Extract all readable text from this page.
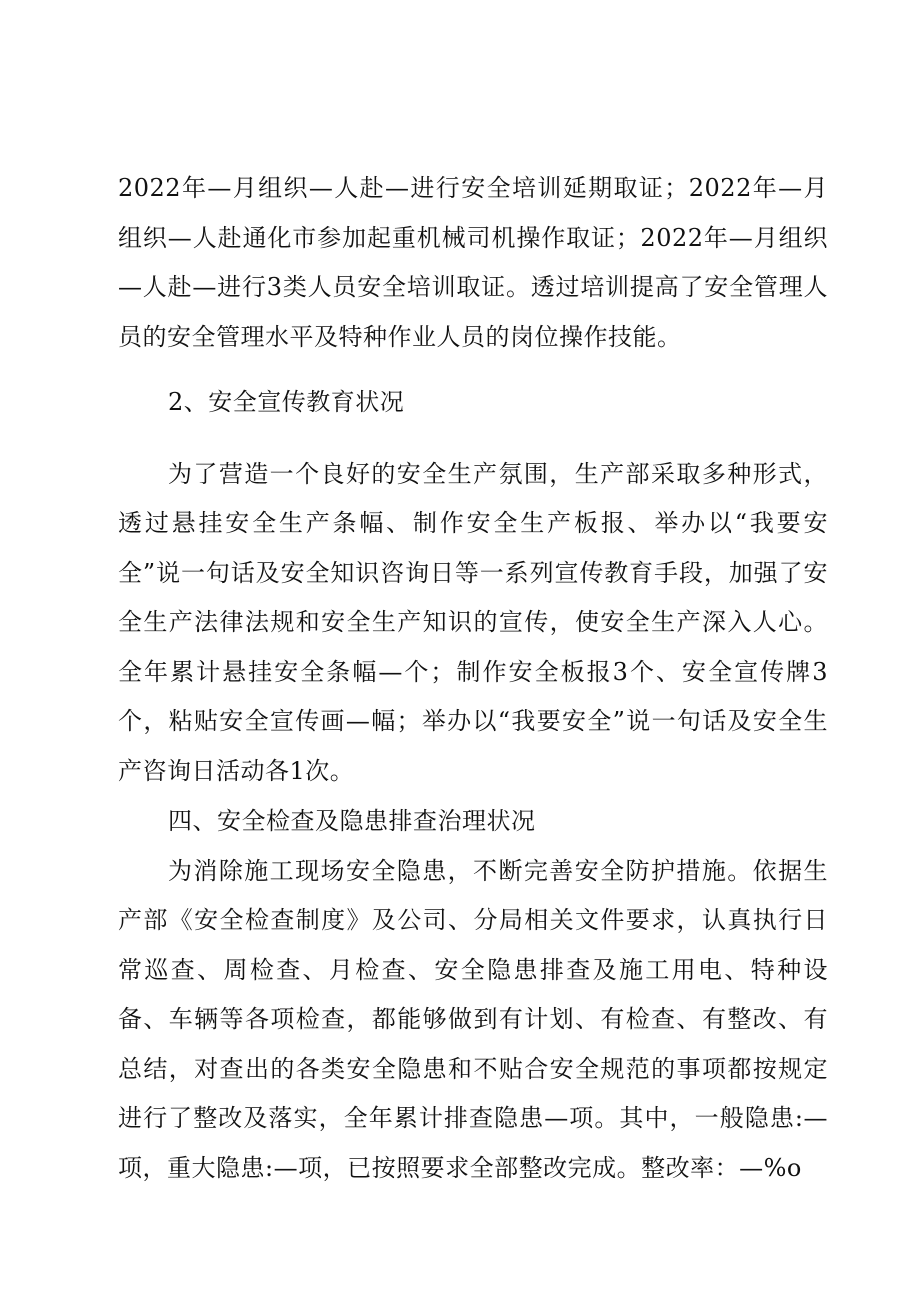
2022年—月组织—人赴—进行安全培训延期取证；2022年—月组织—人赴通化市参加起重机械司机操作取证；2022年—月组织—人赴—进行3类人员安全培训取证。透过培训提高了安全管理人员的安全管理水平及特种作业人员的岗位操作技能。

2、安全宣传教育状况

为了营造一个良好的安全生产氛围，生产部采取多种形式，透过悬挂安全生产条幅、制作安全生产板报、举办以“我要安全”说一句话及安全知识咨询日等一系列宣传教育手段，加强了安全生产法律法规和安全生产知识的宣传，使安全生产深入人心。全年累计悬挂安全条幅—个；制作安全板报3个、安全宣传牌3个，粘贴安全宣传画—幅；举办以“我要安全”说一句话及安全生产咨询日活动各1次。

四、安全检查及隐患排查治理状况

为消除施工现场安全隐患，不断完善安全防护措施。依据生产部《安全检查制度》及公司、分局相关文件要求，认真执行日常巡查、周检查、月检查、安全隐患排查及施工用电、特种设备、车辆等各项检查，都能够做到有计划、有检查、有整改、有总结，对查出的各类安全隐患和不贴合安全规范的事项都按规定进行了整改及落实，全年累计排查隐患—项。其中，一般隐患:—项，重大隐患:—项，已按照要求全部整改完成。整改率：—%o
